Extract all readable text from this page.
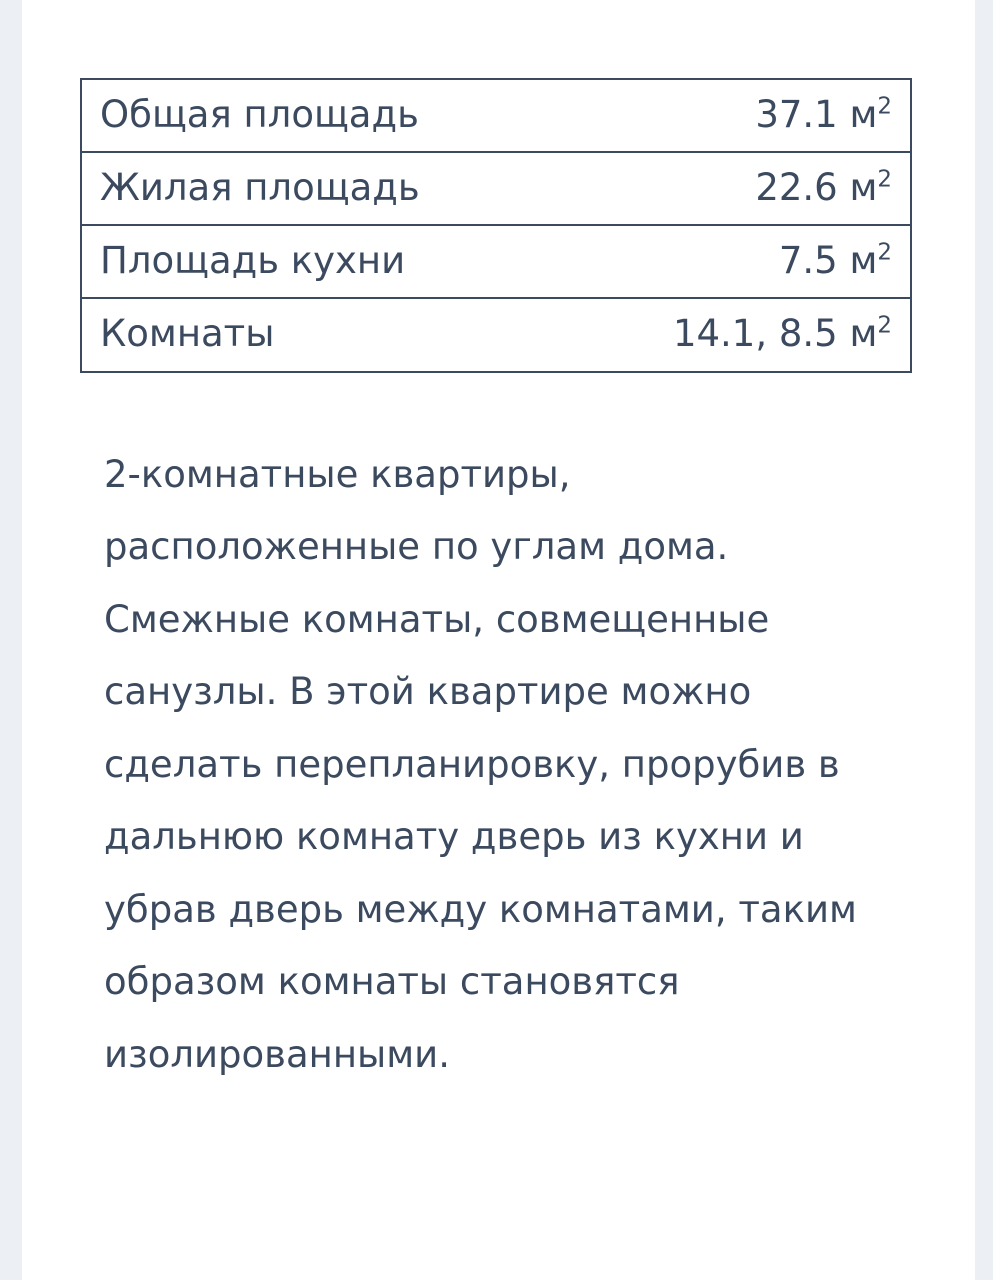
Общая площадь	37.1 $м^2$
Жилая площадь	22.6 $м^2$
Площадь кухни	7.5 $м^2$
Комнаты	14.1, 8.5 $м^2$
2-комнатные квартиры, расположенные по углам дома. Смежные комнаты, совмещенные санузлы. В этой квартире можно сделать перепланировку, прорубив в дальнюю комнату дверь из кухни и убрав дверь между комнатами, таким образом комнаты становятся изолированными.
